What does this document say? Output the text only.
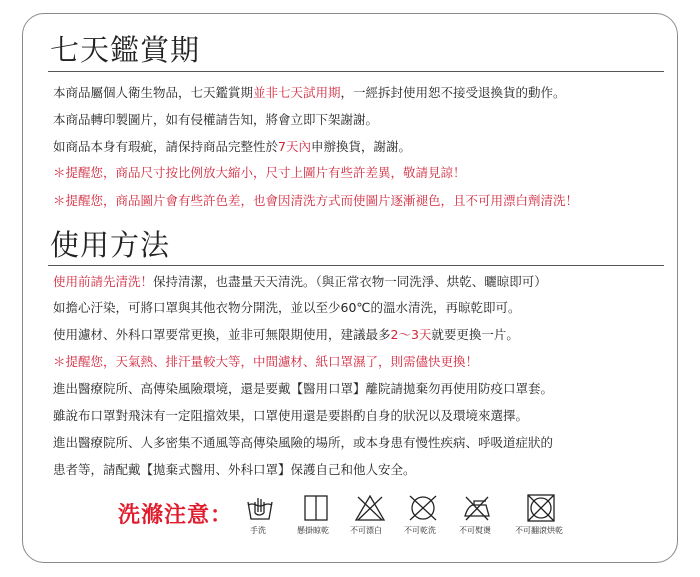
七天鑑賞期
本商品屬個人衛生物品，七天鑑賞期並非七天試用期，一經拆封使用恕不接受退換貨的動作。
本商品轉印製圖片，如有侵權請告知，將會立即下架謝謝。
如商品本身有瑕疵，請保持商品完整性於7天內申辦換貨，謝謝。
＊提醒您，商品尺寸按比例放大縮小，尺寸上圖片有些許差異，敬請見諒！
＊提醒您，商品圖片會有些許色差，也會因清洗方式而使圖片逐漸褪色，且不可用漂白劑清洗！
使用方法
使用前請先清洗！保持清潔，也盡量天天清洗。（與正常衣物一同洗淨、烘乾、曬晾即可）
如擔心汙染，可將口罩與其他衣物分開洗，並以至少60℃的溫水清洗，再晾乾即可。
使用濾材、外科口罩要常更換，並非可無限期使用，建議最多2～3天就要更換一片。
＊提醒您，天氣熱、排汗量較大等，中間濾材、紙口罩濕了，則需儘快更換！
進出醫療院所、高傳染風險環境，還是要戴【醫用口罩】離院請拋棄勿再使用防疫口罩套。
雖說布口罩對飛沫有一定阻擋效果，口罩使用還是要斟酌自身的狀況以及環境來選擇。
進出醫療院所、人多密集不通風等高傳染風險的場所，或本身患有慢性疾病、呼吸道症狀的
患者等，請配戴【拋棄式醫用、外科口罩】保護自己和他人安全。
洗滌注意：
手洗	懸掛晾乾	不可漂白	不可乾洗	不可熨燙	不可翻滾烘乾
